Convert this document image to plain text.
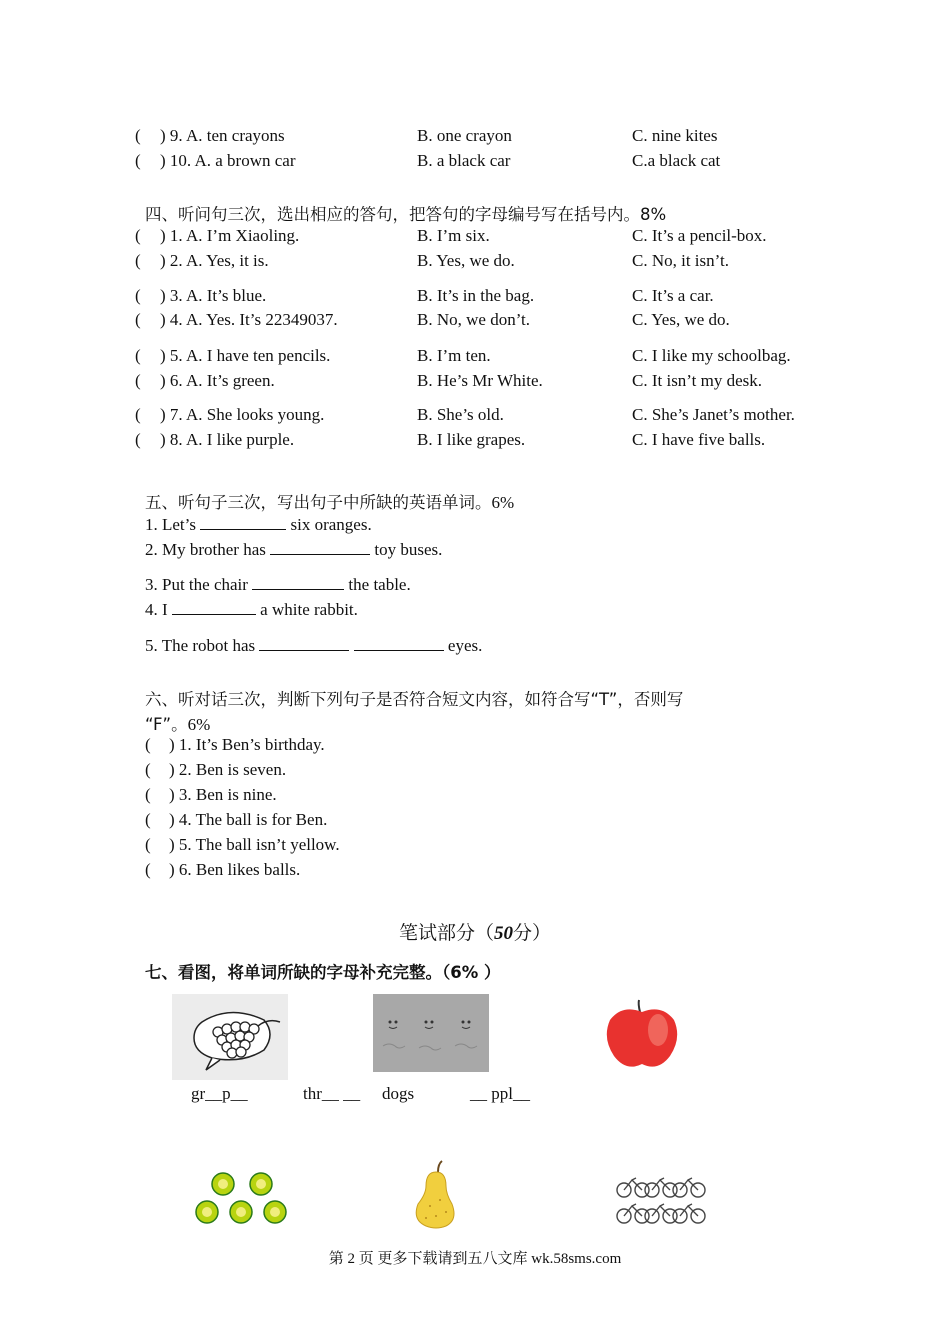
( ) 9. A. ten crayons	B. one crayon	C. nine kites
( ) 10. A. a brown car	B. a black car	C.a black cat
四、听问句三次，选出相应的答句，把答句的字母编号写在括号内。8%
( ) 1. A. I’m Xiaoling.	B. I’m six.	C. It’s a pencil-box.
( ) 2. A. Yes, it is.	B. Yes, we do.	C. No, it isn’t.
( ) 3. A. It’s blue.	B. It’s in the bag.	C. It’s a car.
( ) 4. A. Yes. It’s 22349037.	B. No, we don’t.	C. Yes, we do.
( ) 5. A. I have ten pencils.	B. I’m ten.	C. I like my schoolbag.
( ) 6. A. It’s green.	B. He’s Mr White.	C. It isn’t my desk.
( ) 7. A. She looks young.	B. She’s old.	C. She’s Janet’s mother.
( ) 8. A. I like purple.	B. I like grapes.	C. I have five balls.
五、听句子三次，写出句子中所缺的英语单词。6%
1. Let’s	six oranges.
2. My brother has	toy buses.
3. Put the chair	the table.
4. I	a white rabbit.
5. The robot has	eyes.
六、听对话三次，判断下列句子是否符合短文内容，如符合写“T”，否则写
“F”。6%
( ) 1. It’s Ben’s birthday.
( ) 2. Ben is seven.
( ) 3. Ben is nine.
( ) 4. The ball is for Ben.
( ) 5. The ball isn’t yellow.
( ) 6. Ben likes balls.
笔试部分（50分）
七、看图，将单词所缺的字母补充完整。（6% ）
gr__p__	thr__ __ dogs	__ ppl__
第 2 页 更多下载请到五八文库 wk.58sms.com
